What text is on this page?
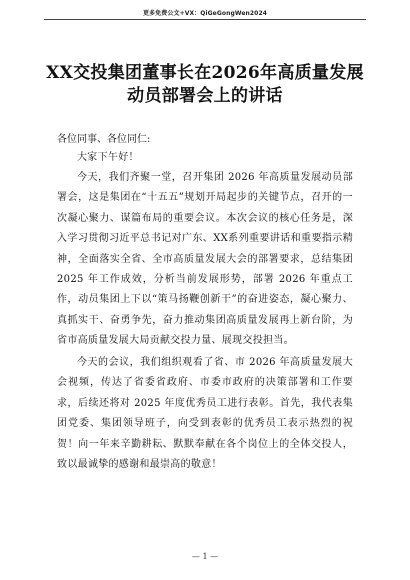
更多免费公文+VX：QiGeGongWen2024
XX交投集团董事长在2026年高质量发展
动员部署会上的讲话
各位同事、各位同仁:
大家下午好！
今天，我们齐聚一堂，召开集团 2026 年高质量发展动员部署会，这是集团在“十五五”规划开局起步的关键节点，召开的一次凝心聚力、谋篇布局的重要会议。本次会议的核心任务是，深入学习贯彻习近平总书记对广东、XX系列重要讲话和重要指示精神，全面落实全省、全市高质量发展大会的部署要求，总结集团 2025 年工作成效，分析当前发展形势，部署 2026 年重点工作，动员集团上下以“策马扬鞭创新干”的奋进姿态，凝心聚力、真抓实干、奋勇争先，奋力推动集团高质量发展再上新台阶，为省市高质量发展大局贡献交投力量、展现交投担当。
今天的会议，我们组织观看了省、市 2026 年高质量发展大会视频，传达了省委省政府、市委市政府的决策部署和工作要求，后续还将对 2025 年度优秀员工进行表彰。首先，我代表集团党委、集团领导班子，向受到表彰的优秀员工表示热烈的祝贺！向一年来辛勤耕耘、默默奉献在各个岗位上的全体交投人，致以最诚挚的感谢和最崇高的敬意！
— 1 —
